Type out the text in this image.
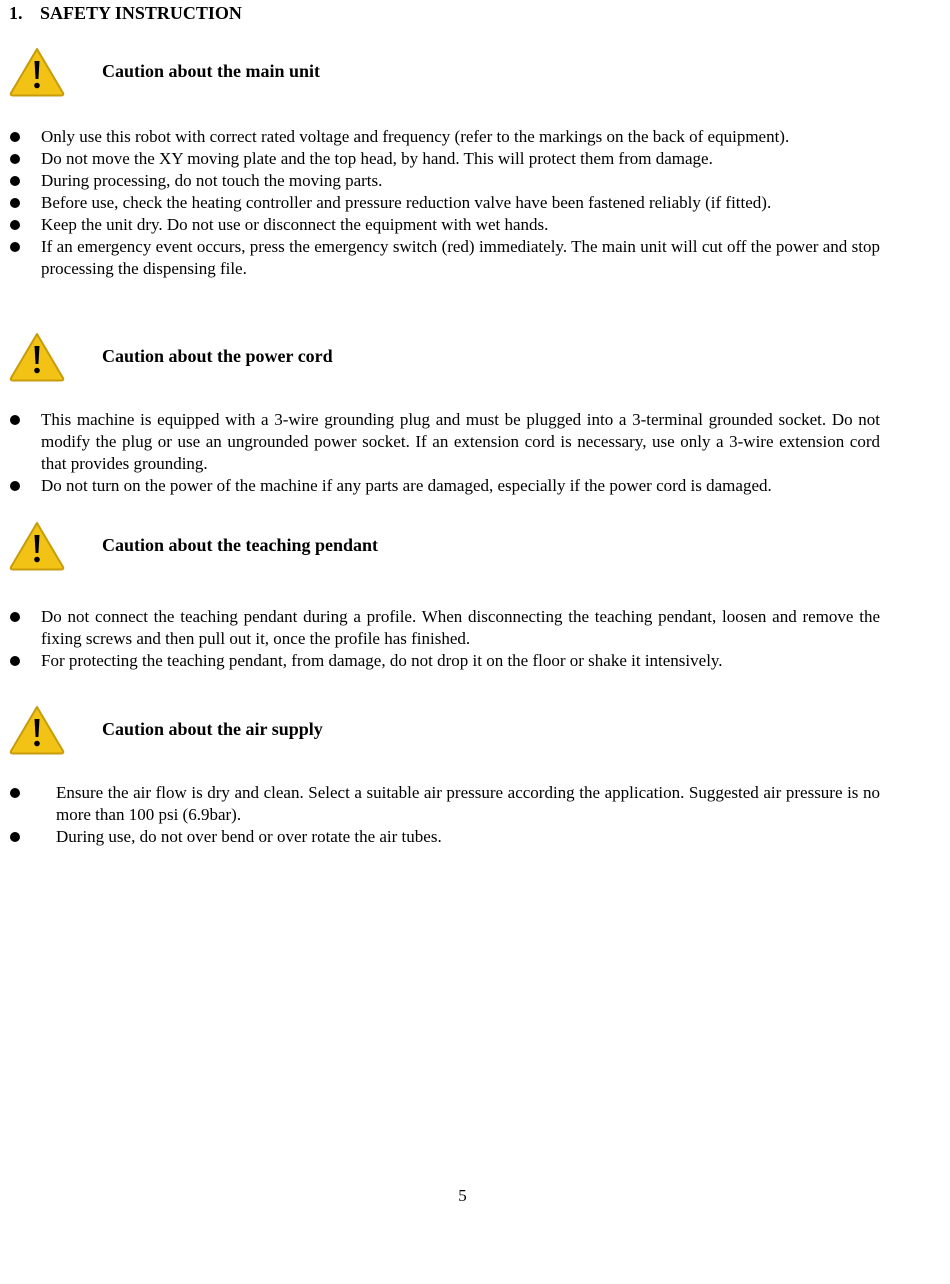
1. SAFETY INSTRUCTION
Caution about the main unit
Only use this robot with correct rated voltage and frequency (refer to the markings on the back of equipment).
Do not move the XY moving plate and the top head, by hand. This will protect them from damage.
During processing, do not touch the moving parts.
Before use, check the heating controller and pressure reduction valve have been fastened reliably (if fitted).
Keep the unit dry. Do not use or disconnect the equipment with wet hands.
If an emergency event occurs, press the emergency switch (red) immediately. The main unit will cut off the power and stop processing the dispensing file.
Caution about the power cord
This machine is equipped with a 3-wire grounding plug and must be plugged into a 3-terminal grounded socket. Do not modify the plug or use an ungrounded power socket. If an extension cord is necessary, use only a 3-wire extension cord that provides grounding.
Do not turn on the power of the machine if any parts are damaged, especially if the power cord is damaged.
Caution about the teaching pendant
Do not connect the teaching pendant during a profile. When disconnecting the teaching pendant, loosen and remove the fixing screws and then pull out it, once the profile has finished.
For protecting the teaching pendant, from damage, do not drop it on the floor or shake it intensively.
Caution about the air supply
Ensure the air flow is dry and clean. Select a suitable air pressure according the application. Suggested air pressure is no more than 100 psi (6.9bar).
During use, do not over bend or over rotate the air tubes.
5
